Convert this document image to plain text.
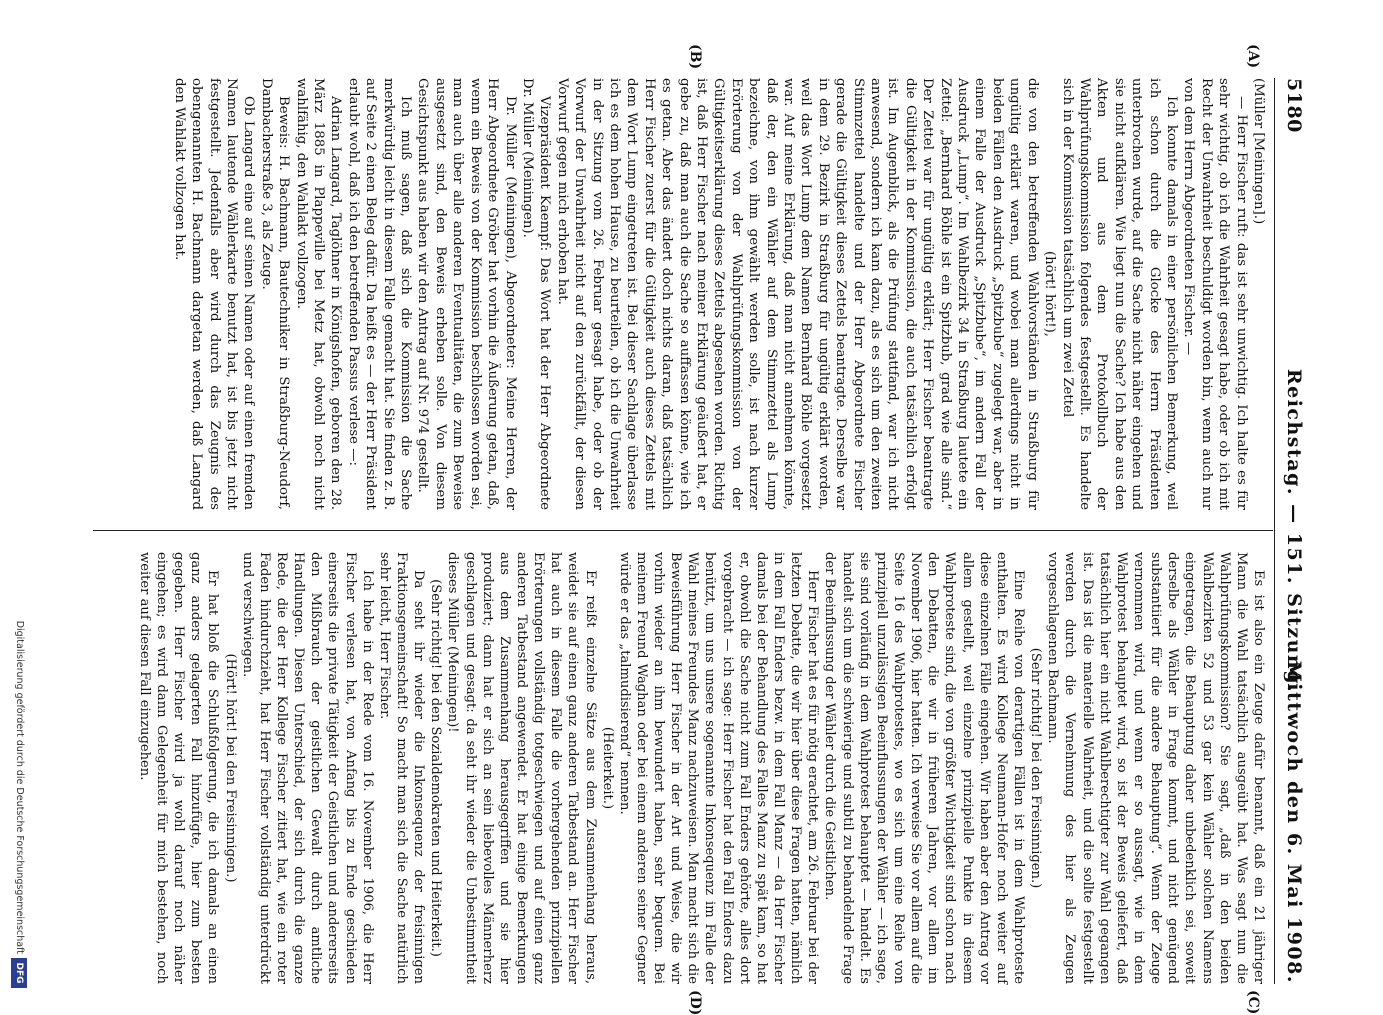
5180
Reichstag. — 151. Sitzung.
Mittwoch den 6. Mai 1908.
(A)
(B)
(C)
(D)

(Müller [Meiningen].)

— Herr Fischer ruft: das ist sehr unwichtig. Ich halte es für sehr wichtig, ob ich die Wahrheit gesagt habe, oder ob ich mit Recht der Unwahrheit beschuldigt worden bin, wenn auch nur von dem Herrn Abgeordneten Fischer. —

Ich konnte damals in einer persönlichen Bemerkung, weil ich schon durch die Glocke des Herrn Präsidenten unterbrochen wurde, auf die Sache nicht näher eingehen und sie nicht aufklären. Wie liegt nun die Sache? Ich habe aus den Akten und aus dem Protokollbuch der Wahlprüfungskommission folgendes festgestellt. Es handelte sich in der Kommission tatsächlich um zwei Zettel

(hört! hört!),

die von den betreffenden Wahlvorständen in Straßburg für ungültig erklärt waren, und wobei man allerdings nicht in beiden Fällen den Ausdruck „Spitzbube“ zugelegt war, aber in einem Falle der Ausdruck „Spitzbube“, im andern Fall der Ausdruck „Lump“. Im Wahlbezirk 34 in Straßburg lautete ein Zettel: „Bernhard Böhle ist ein Spitzbub, grad wie alle sind.“ Der Zettel war für ungültig erklärt; Herr Fischer beantragte die Gültigkeit in der Kommission, die auch tatsächlich erfolgt ist. Im Augenblick, als die Prüfung stattfand, war ich nicht anwesend, sondern ich kam dazu, als es sich um den zweiten Stimmzettel handelte und der Herr Abgeordnete Fischer gerade die Gültigkeit dieses Zettels beantragte. Derselbe war in dem 29. Bezirk in Straßburg für ungültig erklärt worden, weil das Wort Lump dem Namen Bernhard Böhle vorgesetzt war. Auf meine Erklärung, daß man nicht annehmen könnte, daß der, den ein Wähler auf dem Stimmzettel als Lump bezeichne, von ihm gewählt werden solle, ist nach kurzer Erörterung von der Wahlprüfungskommission von der Gültigkeitserklärung dieses Zettels abgesehen worden. Richtig ist, daß Herr Fischer nach meiner Erklärung geäußert hat, er gebe zu, daß man auch die Sache so auffassen könne, wie ich es getan. Aber das ändert doch nichts daran, daß tatsächlich Herr Fischer zuerst für die Gültigkeit auch dieses Zettels mit dem Wort Lump eingetreten ist. Bei dieser Sachlage überlasse ich es dem hohen Hause, zu beurteilen, ob ich die Unwahrheit in der Sitzung vom 26. Februar gesagt habe, oder ob der Vorwurf der Unwahrheit nicht auf den zurückfällt, der diesen Vorwurf gegen mich erhoben hat.

Vizepräsident Kaempf: Das Wort hat der Herr Abgeordnete Dr. Müller (Meiningen).

Dr. Müller (Meiningen), Abgeordneter: Meine Herren, der Herr Abgeordnete Gröber hat vorhin die Äußerung getan, daß, wenn ein Beweis von der Kommission beschlossen worden sei, man auch über alle anderen Eventualitäten, die zum Beweise ausgesetzt sind, den Beweis erheben solle. Von diesem Gesichtspunkt aus haben wir den Antrag auf Nr. 974 gestellt.

Ich muß sagen, daß sich die Kommission die Sache merkwürdig leicht in diesem Falle gemacht hat. Sie finden z. B. auf Seite 2 einen Beleg dafür. Da heißt es — der Herr Präsident erlaubt wohl, daß ich den betreffenden Passus verlese —:

Adrian Langard, Taglöhner in Königshofen, geboren den 28. März 1885 in Plappeville bei Metz hat, obwohl noch nicht wahlfähig, den Wahlakt vollzogen.

Beweis: H. Bachmann, Bautechniker in Straßburg-Neudorf, Dambacherstraße 3, als Zeuge.

Ob Langard eine auf seinen Namen oder auf einen fremden Namen lautende Wählerkarte benutzt hat, ist bis jetzt nicht festgestellt. Jedenfalls aber wird durch das Zeugnis des obengenannten H. Bachmann dargetan werden, daß Langard den Wahlakt vollzogen hat.

Es ist also ein Zeuge dafür benannt, daß ein 21 jähriger Mann die Wahl tatsächlich ausgeübt hat. Was sagt nun die Wahlprüfungskommission? Sie sagt, „daß in den beiden Wahlbezirken 52 und 53 gar kein Wähler solchen Namens eingetragen, die Behauptung daher unbedenklich sei, soweit derselbe als Wähler in Frage kommt, und nicht genügend substantiiert für die andere Behauptung“. Wenn der Zeuge vernommen wird, und wenn er so aussagt, wie in dem Wahlprotest behauptet wird, so ist der Beweis geliefert, daß tatsächlich hier ein nicht Wahlberechtigter zur Wahl gegangen ist. Das ist die materielle Wahrheit, und die sollte festgestellt werden durch die Vernehmung des hier als Zeugen vorgeschlagenen Bachmann.

(Sehr richtig! bei den Freisinnigen.)

Eine Reihe von derartigen Fällen ist in dem Wahlproteste enthalten. Es wird Kollege Neumann-Hofer noch weiter auf diese einzelnen Fälle eingehen. Wir haben aber den Antrag vor allem gestellt, weil einzelne prinzipielle Punkte in diesem Wahlproteste sind, die von größter Wichtigkeit sind schon nach den Debatten, die wir in früheren Jahren, vor allem im November 1906, hier hatten. Ich verweise Sie vor allem auf die Seite 16 des Wahlprotestes, wo es sich um eine Reihe von prinzipiell unzulässigen Beeinflussungen der Wähler — ich sage, sie sind vorläufig in dem Wahlprotest behauptet — handelt. Es handelt sich um die schwierige und subtil zu behandelnde Frage der Beeinflussung der Wähler durch die Geistlichen.

Herr Fischer hat es für nötig erachtet, am 26. Februar bei der letzten Debatte, die wir hier über diese Fragen hatten, nämlich in dem Fall Enders bezw. in dem Fall Manz — da Herr Fischer damals bei der Behandlung des Falles Manz zu spät kam, so hat er, obwohl die Sache nicht zum Fall Enders gehörte, alles dort vorgebracht — ich sage: Herr Fischer hat den Fall Enders dazu benützt, um uns unsere sogenannte Inkonsequenz im Falle der Wahl meines Freundes Manz nachzuweisen. Man macht sich die Beweisführung Herr Fischer in der Art und Weise, die wir vorhin wieder an ihm bewundert haben, sehr bequem. Bei meinem Freund Waghan oder bei einem anderen seiner Gegner würde er das „talmudisierend“ nennen.

(Heiterkeit.)

Er reißt einzelne Sätze aus dem Zusammenhang heraus, weidet sie auf einen ganz anderen Tatbestand an. Herr Fischer hat auch in diesem Falle die vorhergehenden prinzipiellen Erörterungen vollständig totgeschwiegen und auf einen ganz anderen Tatbestand angewendet. Er hat einige Bemerkungen aus dem Zusammenhang herausgegriffen und sie hier produziert; dann hat er sich an sein liebevolles Männerherz geschlagen und gesagt: da seht ihr wieder die Unbestimmtheit dieses Müller (Meiningen)!

(Sehr richtig! bei den Sozialdemokraten und Heiterkeit.)

Da seht ihr wieder die Inkonsequenz der freisinnigen Fraktionsgemeinschaft! So macht man sich die Sache natürlich sehr leicht, Herr Fischer.

Ich habe in der Rede vom 16. November 1906, die Herr Fischer verlesen hat, von Anfang bis zu Ende geschieden einerseits die private Tätigkeit der Geistlichen und andererseits den Mißbrauch der geistlichen Gewalt durch amtliche Handlungen. Diesen Unterschied, der sich durch die ganze Rede, die der Herr Kollege Fischer zitiert hat, wie ein roter Faden hindurchzieht, hat Herr Fischer vollständig unterdrückt und verschwiegen.

(Hört! hört! bei den Freisinnigen.)

Er hat bloß die Schlußfolgerung, die ich damals an einen ganz anders gelagerten Fall hinzufügte, hier zum besten gegeben. Herr Fischer wird ja wohl darauf noch näher eingehen; es wird dann Gelegenheit für mich bestehen, noch weiter auf diesen Fall einzugehen.

Digitalisierung gefördert durch die Deutsche Forschungsgemeinschaft
DFG
